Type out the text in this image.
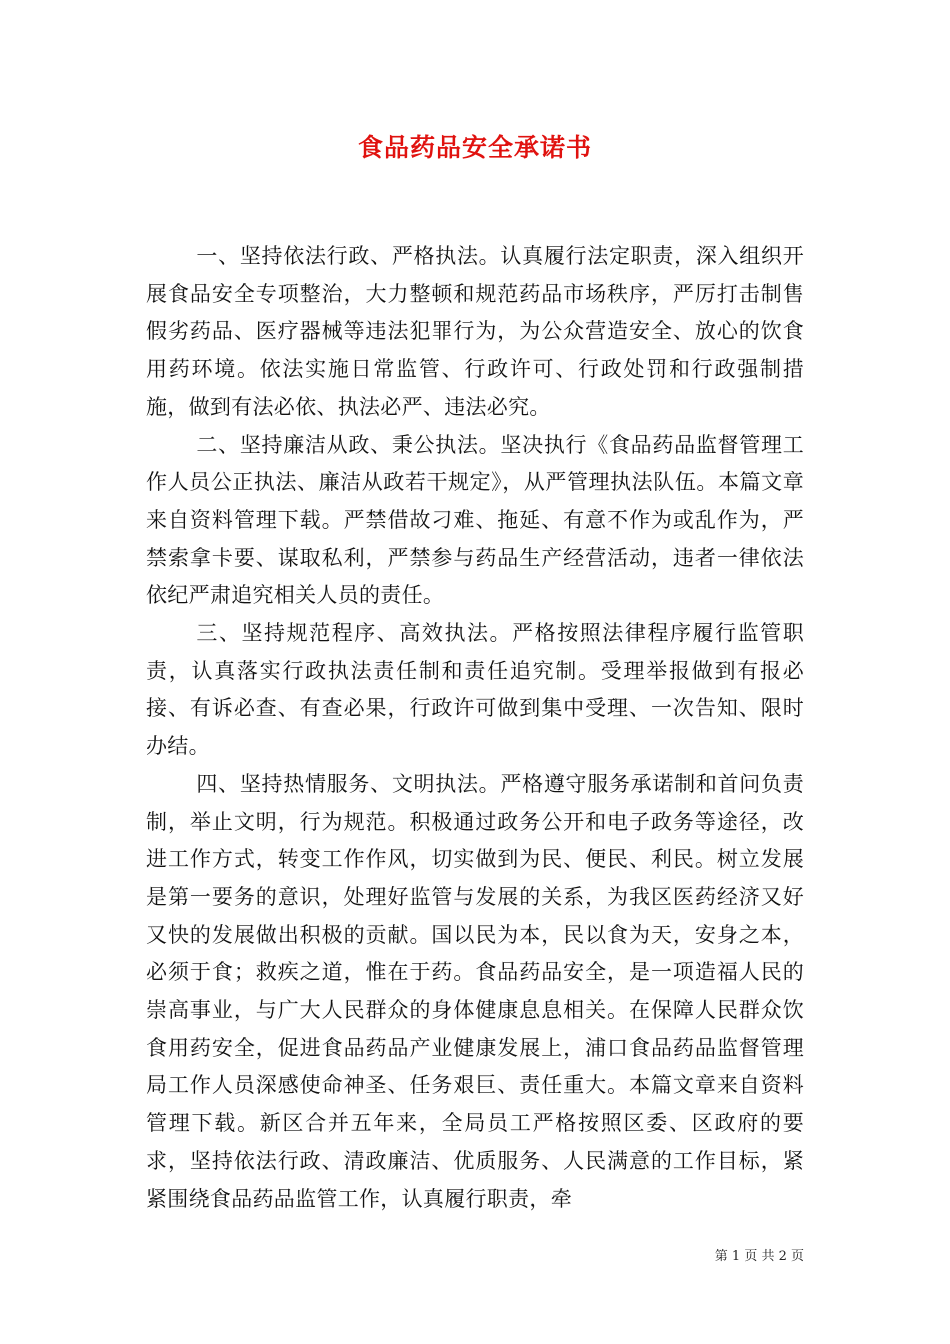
食品药品安全承诺书

一、坚持依法行政、严格执法。认真履行法定职责，深入组织开展食品安全专项整治，大力整顿和规范药品市场秩序，严厉打击制售假劣药品、医疗器械等违法犯罪行为，为公众营造安全、放心的饮食用药环境。依法实施日常监管、行政许可、行政处罚和行政强制措施，做到有法必依、执法必严、违法必究。

二、坚持廉洁从政、秉公执法。坚决执行《食品药品监督管理工作人员公正执法、廉洁从政若干规定》，从严管理执法队伍。本篇文章来自资料管理下载。严禁借故刁难、拖延、有意不作为或乱作为，严禁索拿卡要、谋取私利，严禁参与药品生产经营活动，违者一律依法依纪严肃追究相关人员的责任。

三、坚持规范程序、高效执法。严格按照法律程序履行监管职责，认真落实行政执法责任制和责任追究制。受理举报做到有报必接、有诉必查、有查必果，行政许可做到集中受理、一次告知、限时办结。

四、坚持热情服务、文明执法。严格遵守服务承诺制和首问负责制，举止文明，行为规范。积极通过政务公开和电子政务等途径，改进工作方式，转变工作作风，切实做到为民、便民、利民。树立发展是第一要务的意识，处理好监管与发展的关系，为我区医药经济又好又快的发展做出积极的贡献。国以民为本，民以食为天，安身之本，必须于食；救疾之道，惟在于药。食品药品安全，是一项造福人民的崇高事业，与广大人民群众的身体健康息息相关。在保障人民群众饮食用药安全，促进食品药品产业健康发展上，浦口食品药品监督管理局工作人员深感使命神圣、任务艰巨、责任重大。本篇文章来自资料管理下载。新区合并五年来，全局员工严格按照区委、区政府的要求，坚持依法行政、清政廉洁、优质服务、人民满意的工作目标，紧紧围绕食品药品监管工作，认真履行职责，牵

第 1 页 共 2 页
